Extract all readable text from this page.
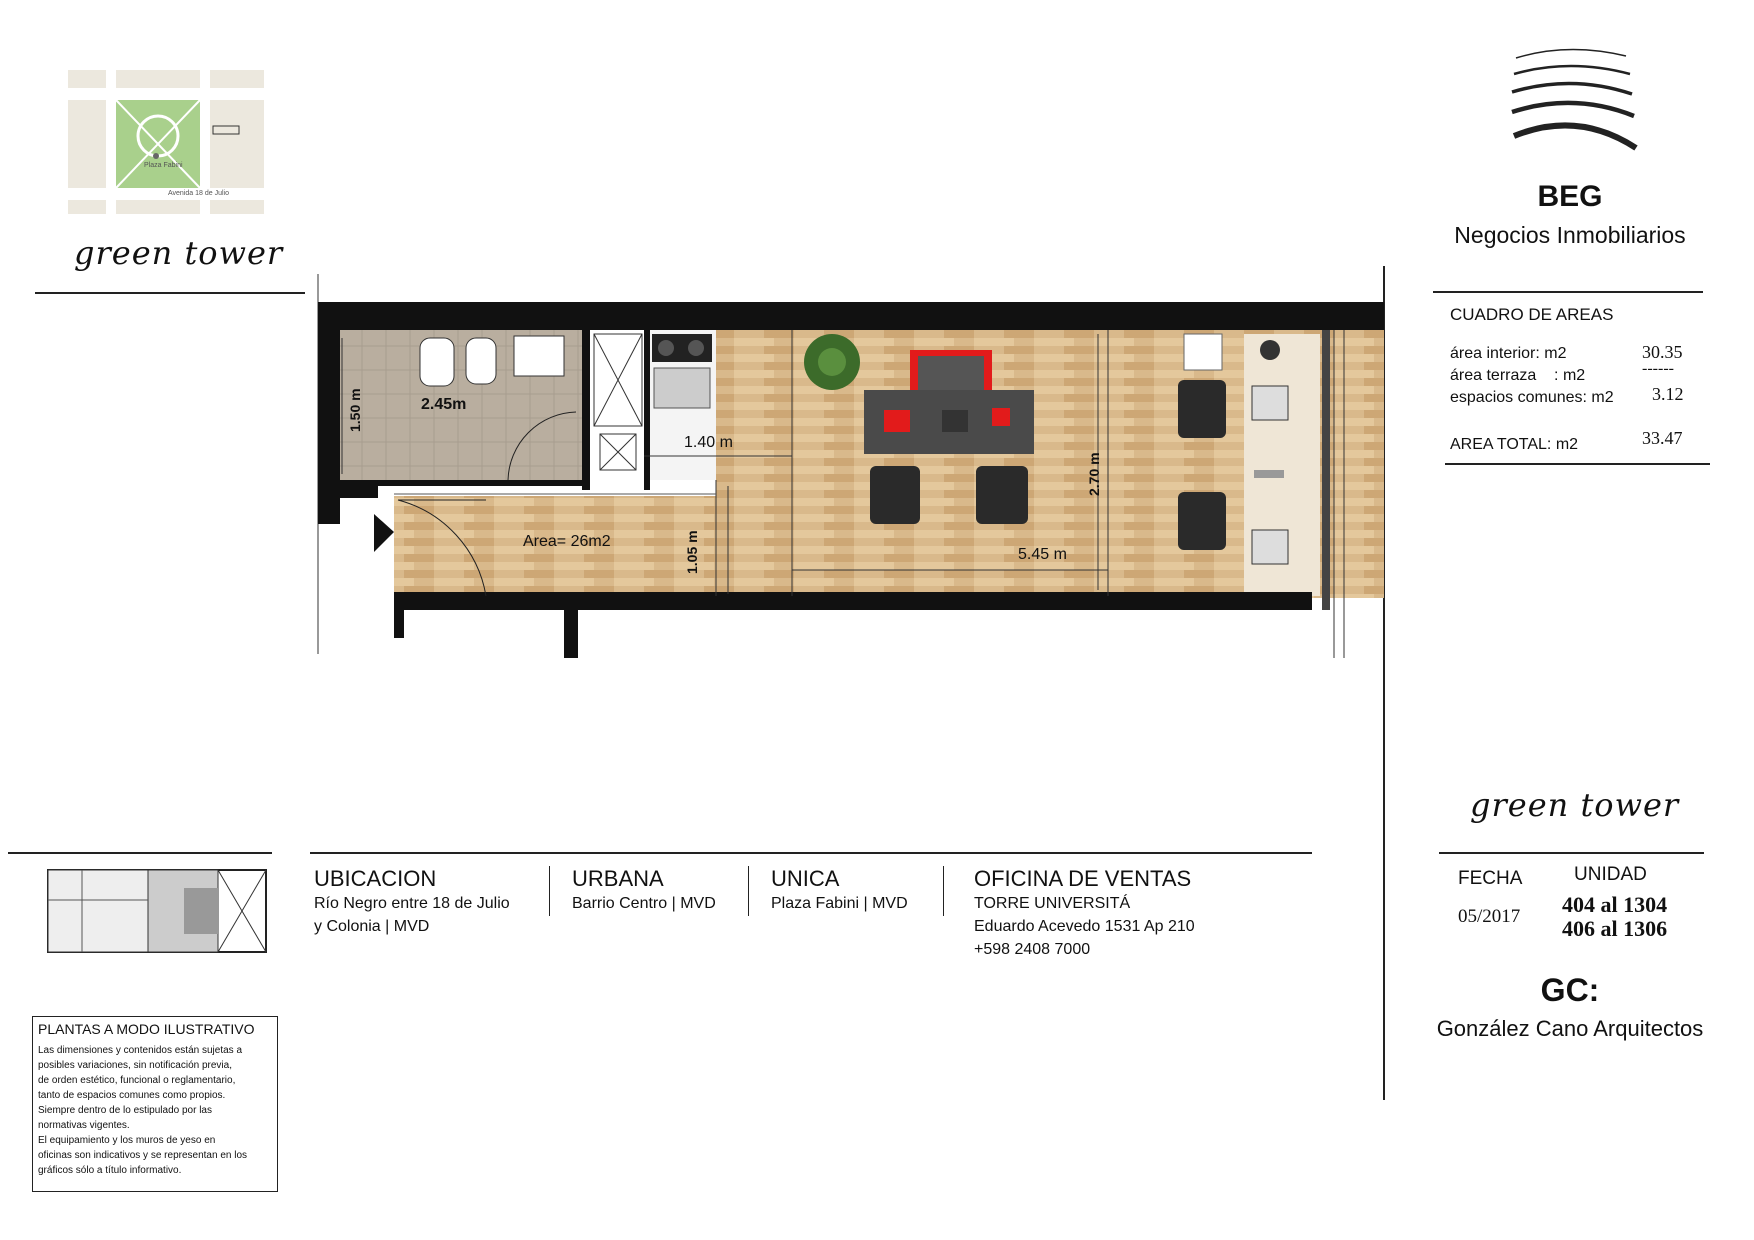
Plaza Fabini
Avenida 18 de Julio
green tower
BEG
Negocios Inmobiliarios
CUADRO DE AREAS
área interior: m2	30.35
área terraza    : m2	------
espacios comunes: m2 3.12
AREA TOTAL: m2	33.47
2.45m
1.50 m
1.40 m
Area= 26m2	1.05 m	5.45 m
2.70 m
green tower

UBICACION

Río Negro entre 18 de Julio
y Colonia | MVD

URBANA

Barrio Centro | MVD

UNICA

Plaza Fabini | MVD

OFICINA DE VENTAS

TORRE UNIVERSITÁ
Eduardo Acevedo 1531 Ap 210
+598 2408 7000
FECHA
05/2017
UNIDAD
404 al 1304
406 al 1306
GC:
González Cano Arquitectos
PLANTAS A MODO ILUSTRATIVO
Las dimensiones y contenidos están sujetas a
posibles variaciones, sin notificación previa,
de orden estético, funcional o reglamentario,
tanto de espacios comunes como propios.
Siempre dentro de lo estipulado por las
normativas vigentes.
El equipamiento y los muros de yeso en
oficinas son indicativos y se representan en los
gráficos sólo a título informativo.
